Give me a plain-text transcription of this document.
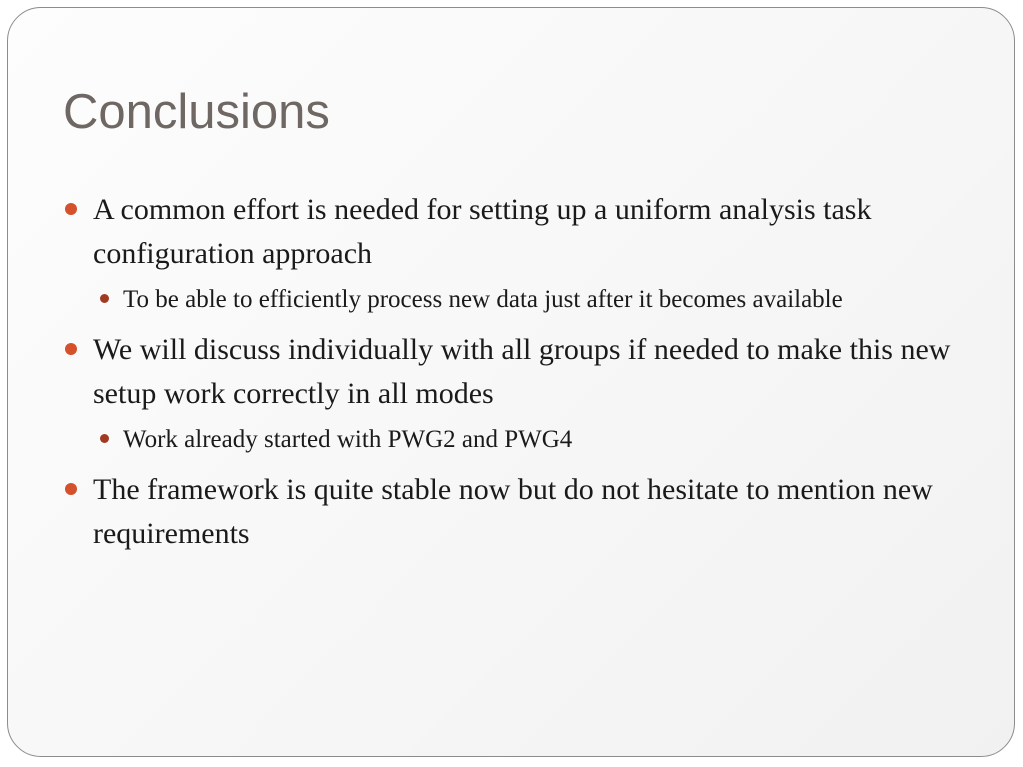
Conclusions
A common effort is needed for setting up a uniform analysis task configuration approach
To be able to efficiently process new data just after it becomes available
We will discuss individually with all groups if needed to make this new setup work correctly in all modes
Work already started with PWG2 and PWG4
The framework is quite stable now but do not hesitate to mention new requirements
